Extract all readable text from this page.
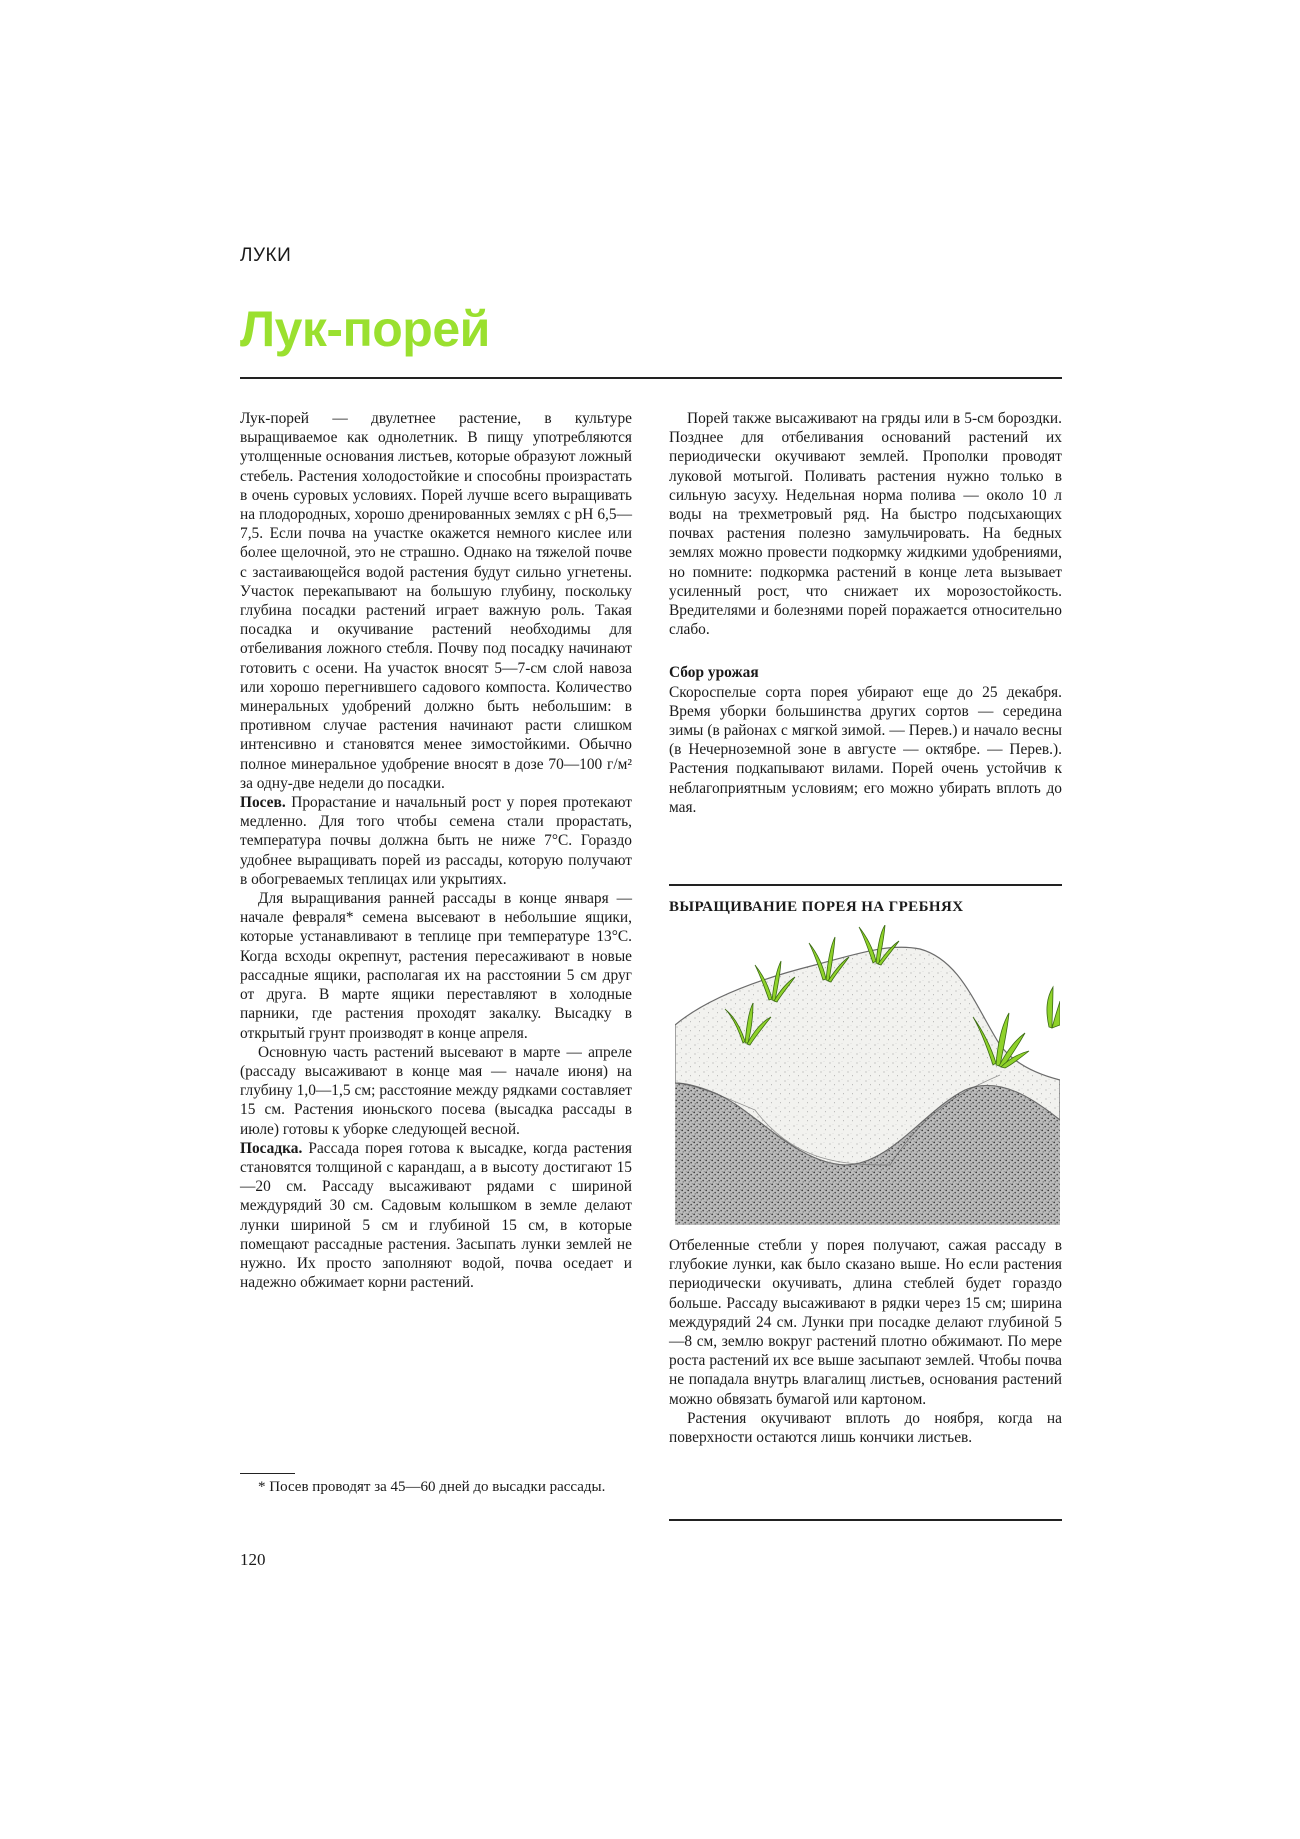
ЛУКИ
Лук-порей

Лук-порей — двулетнее растение, в культуре выращиваемое как однолетник. В пищу употребляются утолщенные основания листьев, которые образуют ложный стебель. Растения холодостойкие и способны произрастать в очень суровых условиях. Порей лучше всего выращивать на плодородных, хорошо дренированных землях с pH 6,5—7,5. Если почва на участке окажется немного кислее или более щелочной, это не страшно. Однако на тяжелой почве с застаивающейся водой растения будут сильно угнетены. Участок перекапывают на большую глубину, поскольку глубина посадки растений играет важную роль. Такая посадка и окучивание растений необходимы для отбеливания ложного стебля. Почву под посадку начинают готовить с осени. На участок вносят 5—7-см слой навоза или хорошо перегнившего садового компоста. Количество минеральных удобрений должно быть небольшим: в противном случае растения начинают расти слишком интенсивно и становятся менее зимостойкими. Обычно полное минеральное удобрение вносят в дозе 70—100 г/м² за одну-две недели до посадки.

Посев. Прорастание и начальный рост у порея протекают медленно. Для того чтобы семена стали прорастать, температура почвы должна быть не ниже 7°С. Гораздо удобнее выращивать порей из рассады, которую получают в обогреваемых теплицах или укрытиях.

Для выращивания ранней рассады в конце января — начале февраля* семена высевают в небольшие ящики, которые устанавливают в теплице при температуре 13°С. Когда всходы окрепнут, растения пересаживают в новые рассадные ящики, располагая их на расстоянии 5 см друг от друга. В марте ящики переставляют в холодные парники, где растения проходят закалку. Высадку в открытый грунт производят в конце апреля.

Основную часть растений высевают в марте — апреле (рассаду высаживают в конце мая — начале июня) на глубину 1,0—1,5 см; расстояние между рядками составляет 15 см. Растения июньского посева (высадка рассады в июле) готовы к уборке следующей весной.

Посадка. Рассада порея готова к высадке, когда растения становятся толщиной с карандаш, а в высоту достигают 15—20 см. Рассаду высаживают рядами с шириной междурядий 30 см. Садовым колышком в земле делают лунки шириной 5 см и глубиной 15 см, в которые помещают рассадные растения. Засыпать лунки землей не нужно. Их просто заполняют водой, почва оседает и надежно обжимает корни растений.

* Посев проводят за 45—60 дней до высадки рассады.

120

Порей также высаживают на гряды или в 5-см бороздки. Позднее для отбеливания оснований растений их периодически окучивают землей. Прополки проводят луковой мотыгой. Поливать растения нужно только в сильную засуху. Недельная норма полива — около 10 л воды на трехметровый ряд. На быстро подсыхающих почвах растения полезно замульчировать. На бедных землях можно провести подкормку жидкими удобрениями, но помните: подкормка растений в конце лета вызывает усиленный рост, что снижает их морозостойкость. Вредителями и болезнями порей поражается относительно слабо.

Сбор урожая

Скороспелые сорта порея убирают еще до 25 декабря. Время уборки большинства других сортов — середина зимы (в районах с мягкой зимой. — Перев.) и начало весны (в Нечерноземной зоне в августе — октябре. — Перев.). Растения подкапывают вилами. Порей очень устойчив к неблагоприятным условиям; его можно убирать вплоть до мая.

ВЫРАЩИВАНИЕ ПОРЕЯ НА ГРЕБНЯХ

Отбеленные стебли у порея получают, сажая рассаду в глубокие лунки, как было сказано выше. Но если растения периодически окучивать, длина стеблей будет гораздо больше. Рассаду высаживают в рядки через 15 см; ширина междурядий 24 см. Лунки при посадке делают глубиной 5—8 см, землю вокруг растений плотно обжимают. По мере роста растений их все выше засыпают землей. Чтобы почва не попадала внутрь влагалищ листьев, основания растений можно обвязать бумагой или картоном.

Растения окучивают вплоть до ноября, когда на поверхности остаются лишь кончики листьев.
